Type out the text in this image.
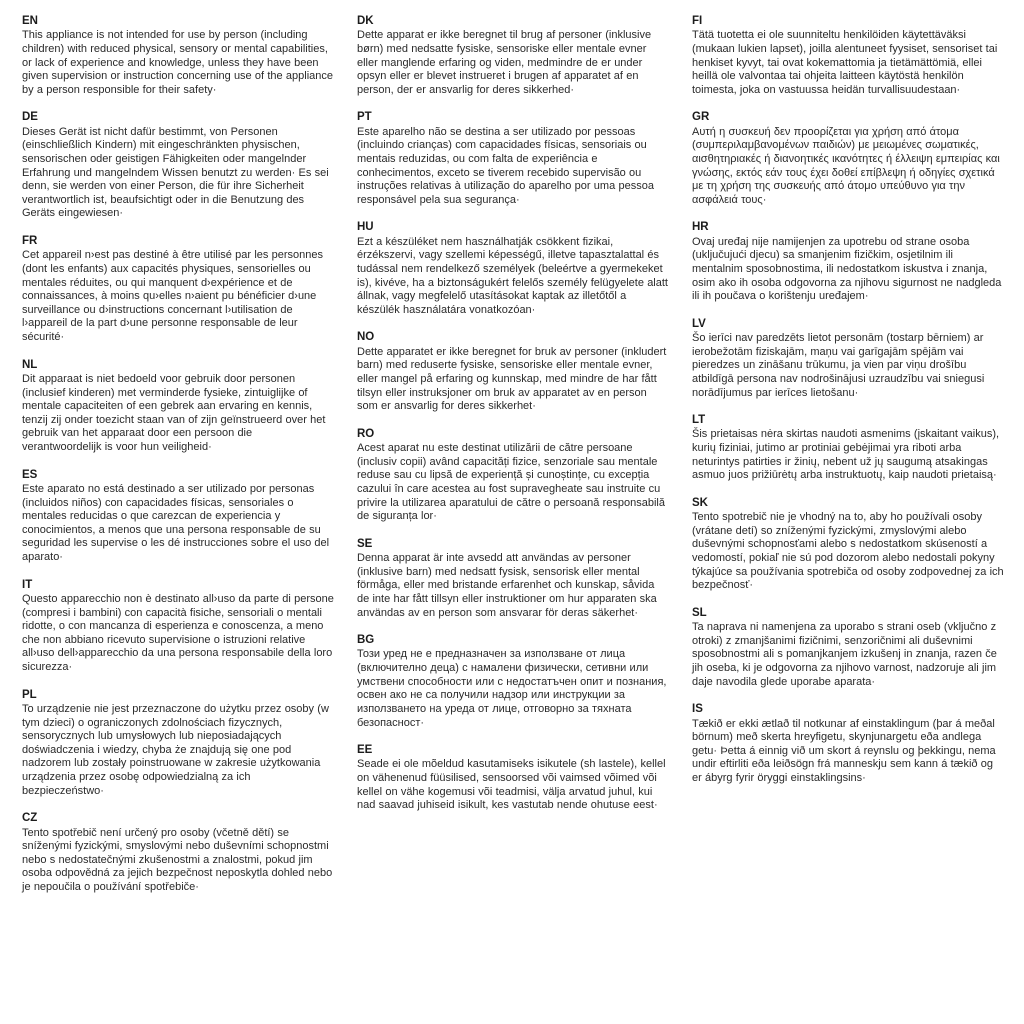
EN
This appliance is not intended for use by person (including children) with reduced physical, sensory or mental capabilities, or lack of experience and knowledge, unless they have been given supervision or instruction concerning use of the appliance by a person responsible for their safety·
DE
Dieses Gerät ist nicht dafür bestimmt, von Personen (einschließlich Kindern) mit eingeschränkten physischen, sensorischen oder geistigen Fähigkeiten oder mangelnder Erfahrung und mangelndem Wissen benutzt zu werden· Es sei denn, sie werden von einer Person, die für ihre Sicherheit verantwortlich ist, beaufsichtigt oder in die Benutzung des Geräts eingewiesen·
FR
Cet appareil n›est pas destiné à être utilisé par les personnes (dont les enfants) aux capacités physiques, sensorielles ou mentales réduites, ou qui manquent d›expérience et de connaissances, à moins qu›elles n›aient pu bénéficier d›une surveillance ou d›instructions concernant l›utilisation de l›appareil de la part d›une personne responsable de leur sécurité·
NL
Dit apparaat is niet bedoeld voor gebruik door personen (inclusief kinderen) met verminderde fysieke, zintuiglijke of mentale capaciteiten of een gebrek aan ervaring en kennis, tenzij zij onder toezicht staan van of zijn geïnstrueerd over het gebruik van het apparaat door een persoon die verantwoordelijk is voor hun veiligheid·
ES
Este aparato no está destinado a ser utilizado por personas (incluidos niños) con capacidades físicas, sensoriales o mentales reducidas o que carezcan de experiencia y conocimientos, a menos que una persona responsable de su seguridad les supervise o les dé instrucciones sobre el uso del aparato·
IT
Questo apparecchio non è destinato all›uso da parte di persone (compresi i bambini) con capacità fisiche, sensoriali o mentali ridotte, o con mancanza di esperienza e conoscenza, a meno che non abbiano ricevuto supervisione o istruzioni relative all›uso dell›apparecchio da una persona responsabile della loro sicurezza·
PL
To urządzenie nie jest przeznaczone do użytku przez osoby (w tym dzieci) o ograniczonych zdolnościach fizycznych, sensorycznych lub umysłowych lub nieposiadających doświadczenia i wiedzy, chyba że znajdują się one pod nadzorem lub zostały poinstruowane w zakresie użytkowania urządzenia przez osobę odpowiedzialną za ich bezpieczeństwo·
CZ
Tento spotřebič není určený pro osoby (včetně dětí) se sníženými fyzickými, smyslovými nebo duševními schopnostmi nebo s nedostatečnými zkušenostmi a znalostmi, pokud jim osoba odpovědná za jejich bezpečnost neposkytla dohled nebo je nepoučila o používání spotřebiče·
DK
Dette apparat er ikke beregnet til brug af personer (inklusive børn) med nedsatte fysiske, sensoriske eller mentale evner eller manglende erfaring og viden, medmindre de er under opsyn eller er blevet instrueret i brugen af apparatet af en person, der er ansvarlig for deres sikkerhed·
PT
Este aparelho não se destina a ser utilizado por pessoas (incluindo crianças) com capacidades físicas, sensoriais ou mentais reduzidas, ou com falta de experiência e conhecimentos, exceto se tiverem recebido supervisão ou instruções relativas à utilização do aparelho por uma pessoa responsável pela sua segurança·
HU
Ezt a készüléket nem használhatják csökkent fizikai, érzékszervi, vagy szellemi képességű, illetve tapasztalattal és tudással nem rendelkező személyek (beleértve a gyermekeket is), kivéve, ha a biztonságukért felelős személy felügyelete alatt állnak, vagy megfelelő utasításokat kaptak az illetőtől a készülék használatára vonatkozóan·
NO
Dette apparatet er ikke beregnet for bruk av personer (inkludert barn) med reduserte fysiske, sensoriske eller mentale evner, eller mangel på erfaring og kunnskap, med mindre de har fått tilsyn eller instruksjoner om bruk av apparatet av en person som er ansvarlig for deres sikkerhet·
RO
Acest aparat nu este destinat utilizării de către persoane (inclusiv copii) având capacități fizice, senzoriale sau mentale reduse sau cu lipsă de experiență și cunoștințe, cu excepția cazului în care acestea au fost supravegheate sau instruite cu privire la utilizarea aparatului de către o persoană responsabilă de siguranța lor·
SE
Denna apparat är inte avsedd att användas av personer (inklusive barn) med nedsatt fysisk, sensorisk eller mental förmåga, eller med bristande erfarenhet och kunskap, såvida de inte har fått tillsyn eller instruktioner om hur apparaten ska användas av en person som ansvarar för deras säkerhet·
BG
Този уред не е предназначен за използване от лица (включително деца) с намалени физически, сетивни или умствени способности или с недостатъчен опит и познания, освен ако не са получили надзор или инструкции за използването на уреда от лице, отговорно за тяхната безопасност·
EE
Seade ei ole mõeldud kasutamiseks isikutele (sh lastele), kellel on vähenenud füüsilised, sensoorsed või vaimsed võimed või kellel on vähe kogemusi või teadmisi, välja arvatud juhul, kui nad saavad juhiseid isikult, kes vastutab nende ohutuse eest·
FI
Tätä tuotetta ei ole suunniteltu henkilöiden käytettäväksi (mukaan lukien lapset), joilla alentuneet fyysiset, sensoriset tai henkiset kyvyt, tai ovat kokemattomia ja tietämättömiä, ellei heillä ole valvontaa tai ohjeita laitteen käytöstä henkilön toimesta, joka on vastuussa heidän turvallisuudestaan·
GR
Αυτή η συσκευή δεν προορίζεται για χρήση από άτομα (συμπεριλαμβανομένων παιδιών) με μειωμένες σωματικές, αισθητηριακές ή διανοητικές ικανότητες ή έλλειψη εμπειρίας και γνώσης, εκτός εάν τους έχει δοθεί επίβλεψη ή οδηγίες σχετικά με τη χρήση της συσκευής από άτομο υπεύθυνο για την ασφάλειά τους·
HR
Ovaj uređaj nije namijenjen za upotrebu od strane osoba (uključujući djecu) sa smanjenim fizičkim, osjetilnim ili mentalnim sposobnostima, ili nedostatkom iskustva i znanja, osim ako ih osoba odgovorna za njihovu sigurnost ne nadgleda ili ih poučava o korištenju uređajem·
LV
Šo ierīci nav paredzēts lietot personām (tostarp bērniem) ar ierobežotām fiziskajām, maņu vai garīgajām spējām vai pieredzes un zināšanu trūkumu, ja vien par viņu drošību atbildīgā persona nav nodrošinājusi uzraudzību vai sniegusi norādījumus par ierīces lietošanu·
LT
Šis prietaisas nėra skirtas naudoti asmenims (įskaitant vaikus), kurių fiziniai, jutimo ar protiniai gebėjimai yra riboti arba neturintys patirties ir žinių, nebent už jų saugumą atsakingas asmuo juos prižiūrėtų arba instruktuotų, kaip naudoti prietaisą·
SK
Tento spotrebič nie je vhodný na to, aby ho používali osoby (vrátane detí) so zníženými fyzickými, zmyslovými alebo duševnými schopnosťami alebo s nedostatkom skúseností a vedomostí, pokiaľ nie sú pod dozorom alebo nedostali pokyny týkajúce sa používania spotrebiča od osoby zodpovednej za ich bezpečnosť·
SL
Ta naprava ni namenjena za uporabo s strani oseb (vključno z otroki) z zmanjšanimi fizičnimi, senzoričnimi ali duševnimi sposobnostmi ali s pomanjkanjem izkušenj in znanja, razen če jih oseba, ki je odgovorna za njihovo varnost, nadzoruje ali jim daje navodila glede uporabe aparata·
IS
Tækið er ekki ætlað til notkunar af einstaklingum (þar á meðal börnum) með skerta hreyfigetu, skynjunargetu eða andlega getu· Þetta á einnig við um skort á reynslu og þekkingu, nema undir eftirliti eða leiðsögn frá manneskju sem kann á tækið og er ábyrg fyrir öryggi einstaklingsins·
